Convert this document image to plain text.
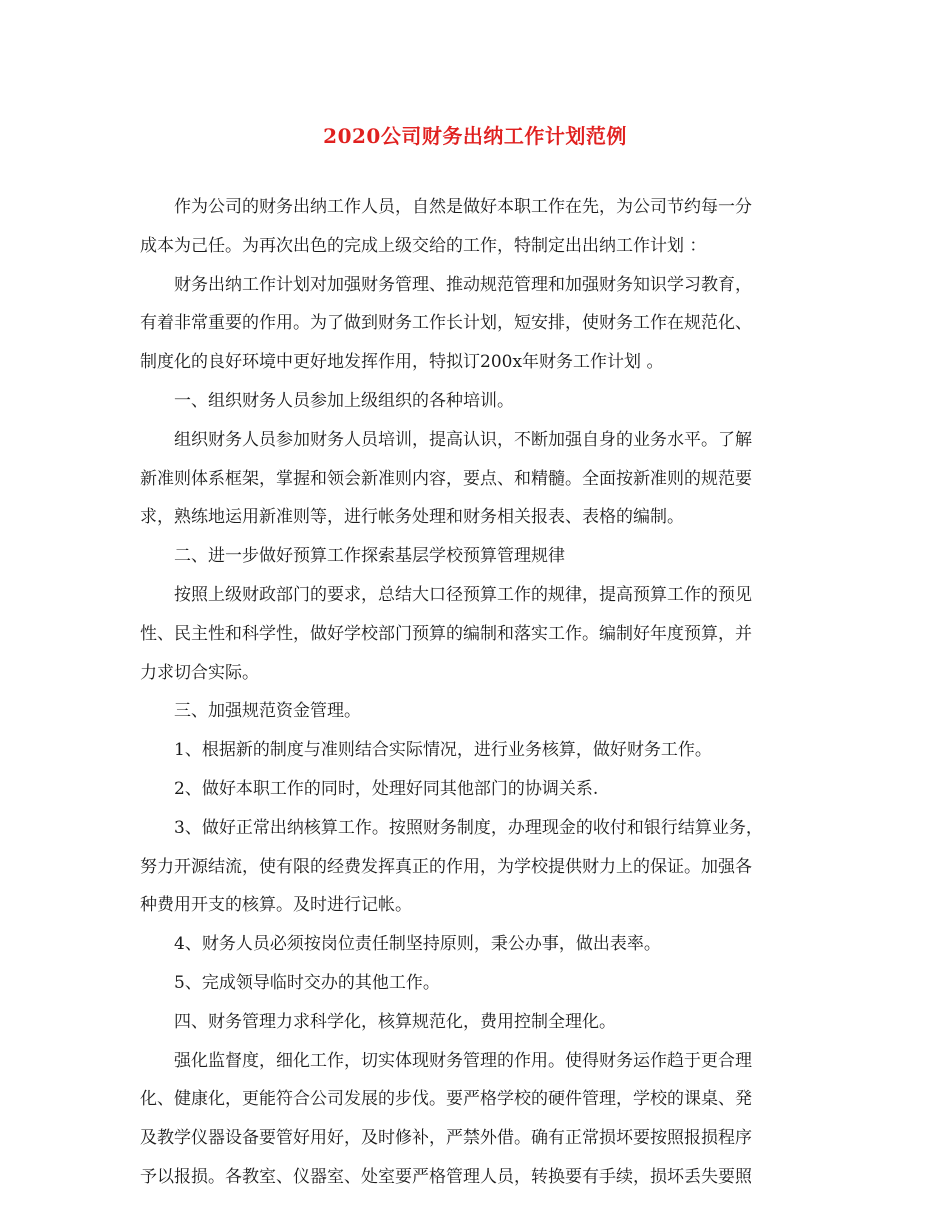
2020公司财务出纳工作计划范例
作为公司的财务出纳工作人员，自然是做好本职工作在先，为公司节约每一分
成本为己任。为再次出色的完成上级交给的工作，特制定出出纳工作计划 ：
财务出纳工作计划对加强财务管理、推动规范管理和加强财务知识学习教育，
有着非常重要的作用。为了做到财务工作长计划，短安排，使财务工作在规范化、
制度化的良好环境中更好地发挥作用，特拟订200x年财务工作计划 。
一、组织财务人员参加上级组织的各种培训。
组织财务人员参加财务人员培训，提高认识，不断加强自身的业务水平。了解
新准则体系框架，掌握和领会新准则内容，要点、和精髓。全面按新准则的规范要
求，熟练地运用新准则等，进行帐务处理和财务相关报表、表格的编制。
二、进一步做好预算工作探索基层学校预算管理规律
按照上级财政部门的要求，总结大口径预算工作的规律，提高预算工作的预见
性、民主性和科学性，做好学校部门预算的编制和落实工作。编制好年度预算，并
力求切合实际。
三、加强规范资金管理。
1、根据新的制度与准则结合实际情况，进行业务核算，做好财务工作。
2、做好本职工作的同时，处理好同其他部门的协调关系.
3、做好正常出纳核算工作。按照财务制度，办理现金的收付和银行结算业务，
努力开源结流，使有限的经费发挥真正的作用，为学校提供财力上的保证。加强各
种费用开支的核算。及时进行记帐。
4、财务人员必须按岗位责任制坚持原则，秉公办事，做出表率。
5、完成领导临时交办的其他工作。
四、财务管理力求科学化，核算规范化，费用控制全理化。
强化监督度，细化工作，切实体现财务管理的作用。使得财务运作趋于更合理
化、健康化，更能符合公司发展的步伐。要严格学校的硬件管理，学校的课桌、発
及教学仪器设备要管好用好，及时修补，严禁外借。确有正常损坏要按照报损程序
予以报损。各教室、仪器室、处室要严格管理人员，转换要有手续，损坏丢失要照
